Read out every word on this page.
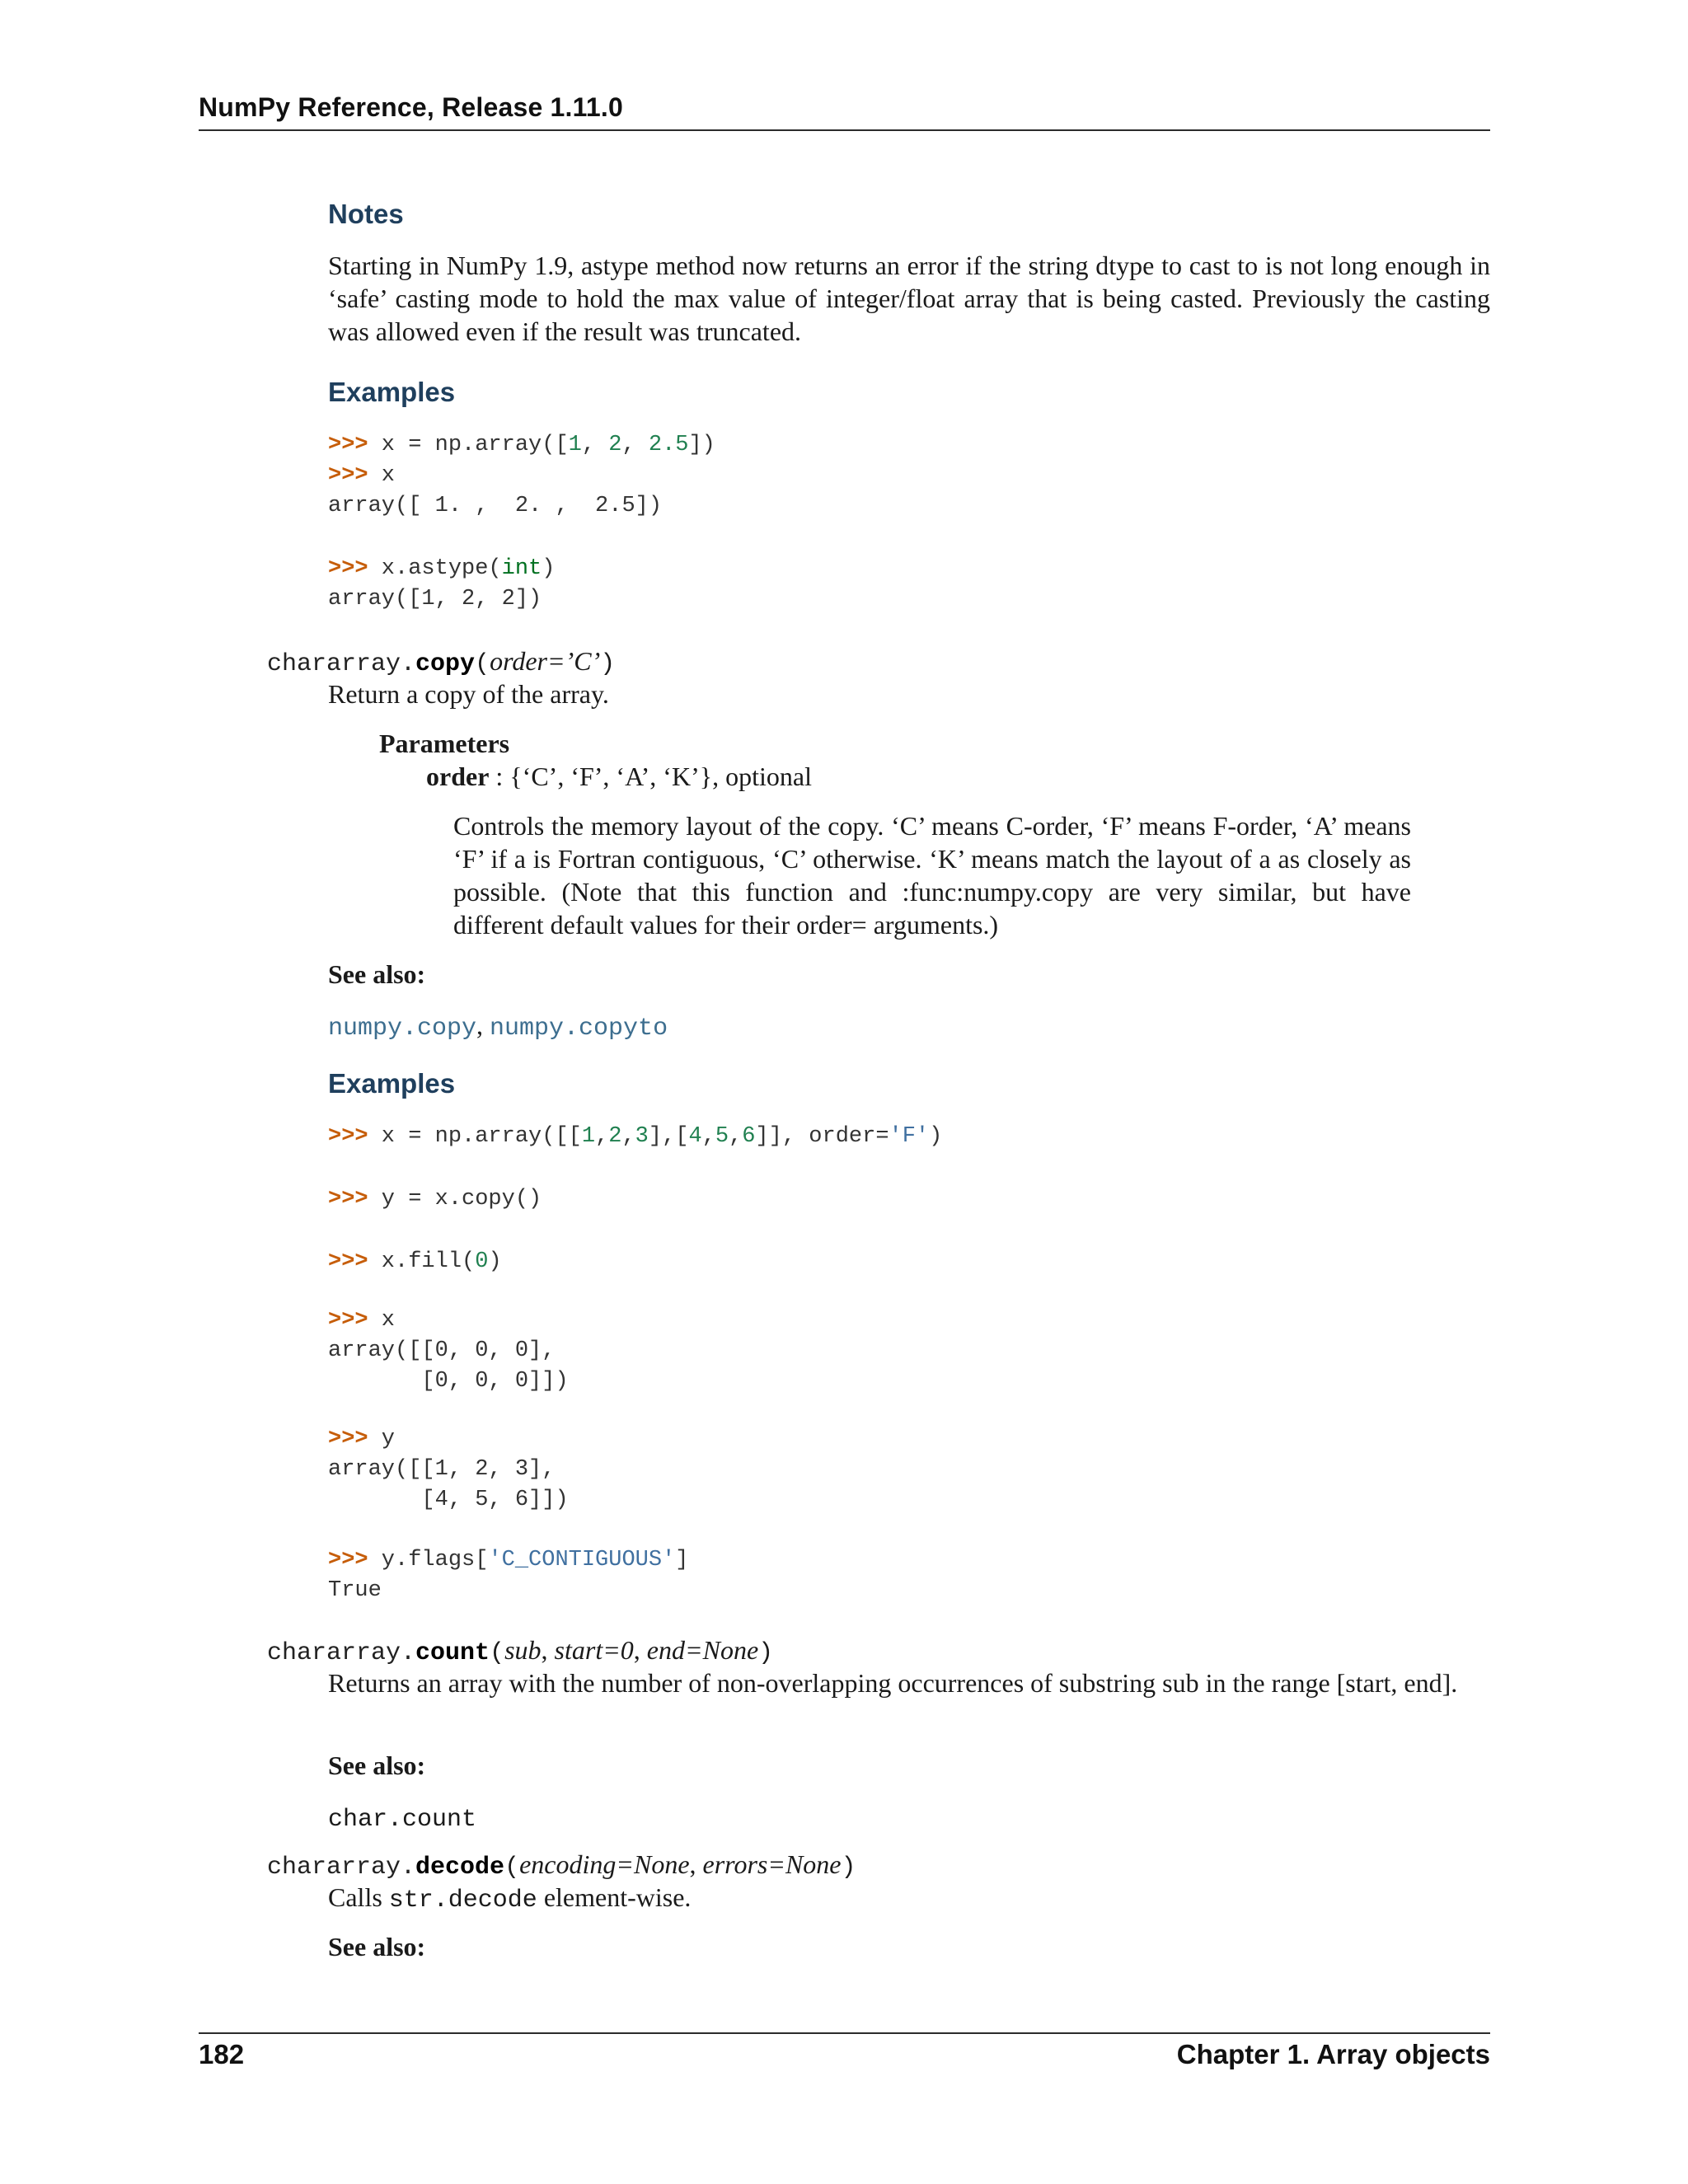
NumPy Reference, Release 1.11.0
Notes
Starting in NumPy 1.9, astype method now returns an error if the string dtype to cast to is not long enough in ‘safe’ casting mode to hold the max value of integer/float array that is being casted. Previously the casting was allowed even if the result was truncated.
Examples
>>> x = np.array([1, 2, 2.5])
>>> x
array([ 1. ,  2. ,  2.5])
>>> x.astype(int)
array([1, 2, 2])
chararray.copy(order=’C’)
Return a copy of the array.
Parameters
order : {‘C’, ‘F’, ‘A’, ‘K’}, optional
Controls the memory layout of the copy. ‘C’ means C-order, ‘F’ means F-order, ‘A’ means ‘F’ if a is Fortran contiguous, ‘C’ otherwise. ‘K’ means match the layout of a as closely as possible. (Note that this function and :func:numpy.copy are very similar, but have different default values for their order= arguments.)
See also:
numpy.copy, numpy.copyto
Examples
>>> x = np.array([[1,2,3],[4,5,6]], order='F')
>>> y = x.copy()
>>> x.fill(0)
>>> x
array([[0, 0, 0],
[0, 0, 0]])
>>> y
array([[1, 2, 3],
[4, 5, 6]])
>>> y.flags['C_CONTIGUOUS']
True
chararray.count(sub, start=0, end=None)
Returns an array with the number of non-overlapping occurrences of substring sub in the range [start, end].
See also:
char.count
chararray.decode(encoding=None, errors=None)
Calls str.decode element-wise.
See also:
182	Chapter 1. Array objects
